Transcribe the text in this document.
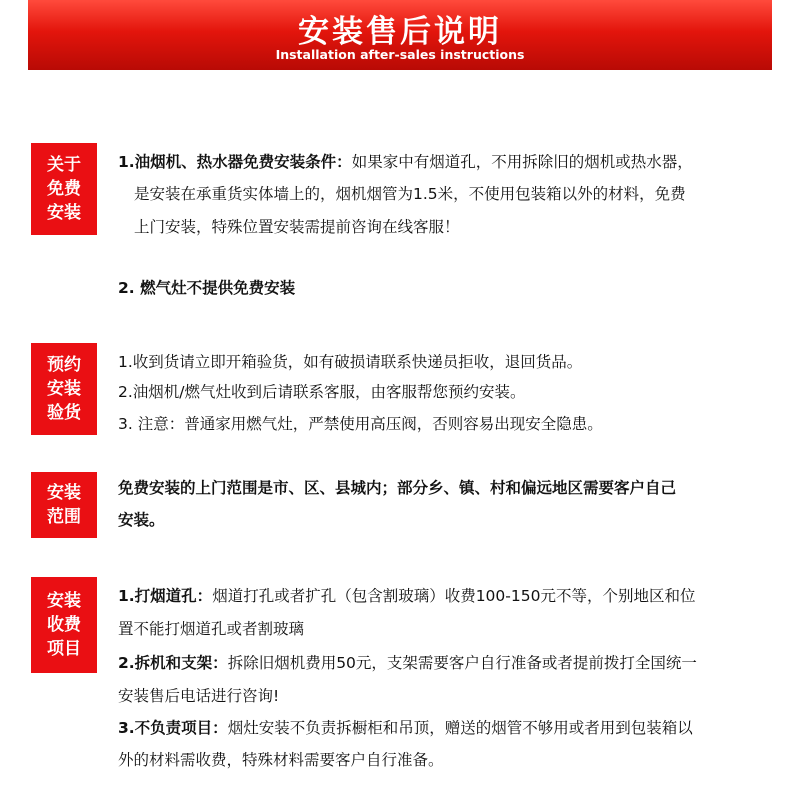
安装售后说明
Installation after-sales instructions
关于
免费
安装
1.油烟机、热水器免费安装条件：如果家中有烟道孔，不用拆除旧的烟机或热水器，
是安装在承重货实体墙上的，烟机烟管为1.5米，不使用包装箱以外的材料，免费
上门安装，特殊位置安装需提前咨询在线客服！
2. 燃气灶不提供免费安装
预约
安装
验货
1.收到货请立即开箱验货，如有破损请联系快递员拒收，退回货品。
2.油烟机/燃气灶收到后请联系客服，由客服帮您预约安装。
3. 注意：普通家用燃气灶，严禁使用高压阀，否则容易出现安全隐患。
安装
范围
免费安装的上门范围是市、区、县城内；部分乡、镇、村和偏远地区需要客户自己
安装。
安装
收费
项目
1.打烟道孔：烟道打孔或者扩孔（包含割玻璃）收费100-150元不等，个别地区和位
置不能打烟道孔或者割玻璃
2.拆机和支架：拆除旧烟机费用50元，支架需要客户自行准备或者提前拨打全国统一
安装售后电话进行咨询!
3.不负责项目：烟灶安装不负责拆橱柜和吊顶，赠送的烟管不够用或者用到包装箱以
外的材料需收费，特殊材料需要客户自行准备。
